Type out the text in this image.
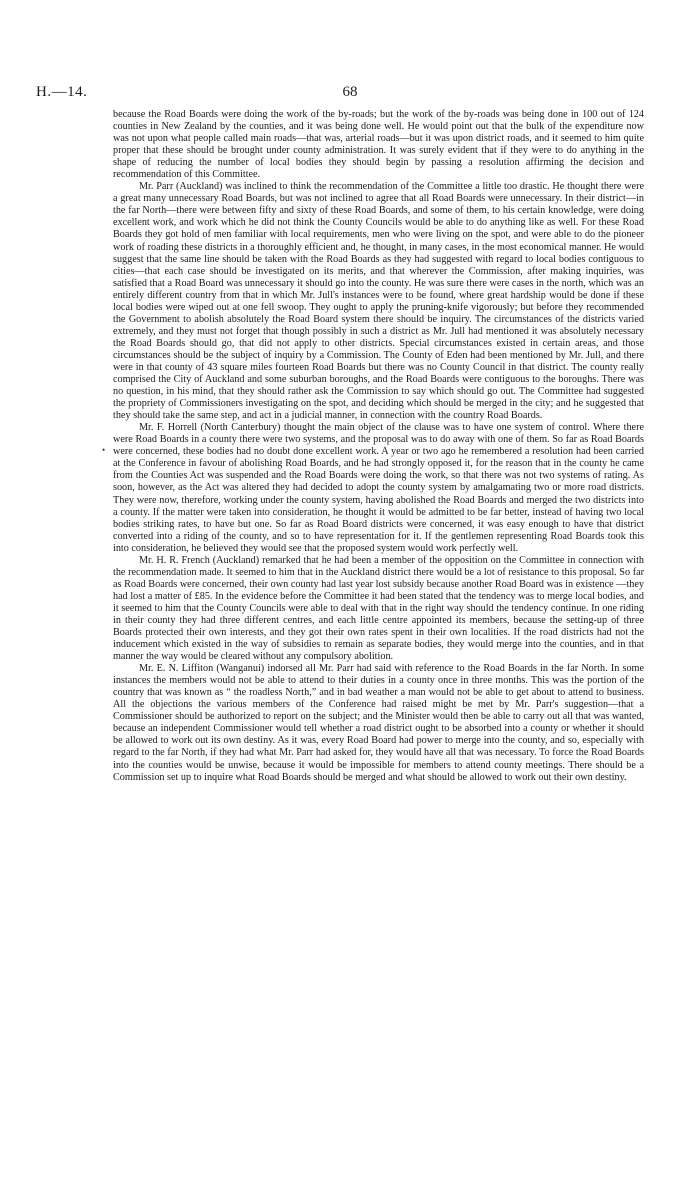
H.—14.	68
•

because the Road Boards were doing the work of the by-roads; but the work of the by-roads was being done in 100 out of 124 counties in New Zealand by the counties, and it was being done well. He would point out that the bulk of the expenditure now was not upon what people called main roads—that was, arterial roads—but it was upon district roads, and it seemed to him quite proper that these should be brought under county administration. It was surely evident that if they were to do anything in the shape of reducing the number of local bodies they should begin by passing a resolution affirming the decision and recommendation of this Committee.

Mr. Parr (Auckland) was inclined to think the recommendation of the Committee a little too drastic. He thought there were a great many unnecessary Road Boards, but was not inclined to agree that all Road Boards were unnecessary. In their district—in the far North—there were between fifty and sixty of these Road Boards, and some of them, to his certain knowledge, were doing excellent work, and work which he did not think the County Councils would be able to do anything like as well. For these Road Boards they got hold of men familiar with local requirements, men who were living on the spot, and were able to do the pioneer work of roading these districts in a thoroughly efficient and, he thought, in many cases, in the most economical manner. He would suggest that the same line should be taken with the Road Boards as they had suggested with regard to local bodies contiguous to cities—that each case should be investigated on its merits, and that wherever the Commission, after making inquiries, was satisfied that a Road Board was unnecessary it should go into the county. He was sure there were cases in the north, which was an entirely different country from that in which Mr. Jull's instances were to be found, where great hardship would be done if these local bodies were wiped out at one fell swoop. They ought to apply the pruning-knife vigorously; but before they recommended the Government to abolish absolutely the Road Board system there should be inquiry. The circumstances of the districts varied extremely, and they must not forget that though possibly in such a district as Mr. Jull had mentioned it was absolutely necessary the Road Boards should go, that did not apply to other districts. Special circumstances existed in certain areas, and those circumstances should be the subject of inquiry by a Commission. The County of Eden had been mentioned by Mr. Jull, and there were in that county of 43 square miles fourteen Road Boards but there was no County Council in that district. The county really comprised the City of Auckland and some suburban boroughs, and the Road Boards were contiguous to the boroughs. There was no question, in his mind, that they should rather ask the Commission to say which should go out. The Committee had suggested the propriety of Commissioners investigating on the spot, and deciding which should be merged in the city; and he suggested that they should take the same step, and act in a judicial manner, in connection with the country Road Boards.

Mr. F. Horrell (North Canterbury) thought the main object of the clause was to have one system of control. Where there were Road Boards in a county there were two systems, and the proposal was to do away with one of them. So far as Road Boards were concerned, these bodies had no doubt done excellent work. A year or two ago he remembered a resolution had been carried at the Conference in favour of abolishing Road Boards, and he had strongly opposed it, for the reason that in the county he came from the Counties Act was suspended and the Road Boards were doing the work, so that there was not two systems of rating. As soon, however, as the Act was altered they had decided to adopt the county system by amalgamating two or more road districts. They were now, therefore, working under the county system, having abolished the Road Boards and merged the two districts into a county. If the matter were taken into consideration, he thought it would be admitted to be far better, instead of having two local bodies striking rates, to have but one. So far as Road Board districts were concerned, it was easy enough to have that district converted into a riding of the county, and so to have representation for it. If the gentlemen representing Road Boards took this into consideration, he believed they would see that the proposed system would work perfectly well.

Mr. H. R. French (Auckland) remarked that he had been a member of the opposition on the Committee in connection with the recommendation made. It seemed to him that in the Auckland district there would be a lot of resistance to this proposal. So far as Road Boards were concerned, their own county had last year lost subsidy because another Road Board was in existence —they had lost a matter of £85. In the evidence before the Committee it had been stated that the tendency was to merge local bodies, and it seemed to him that the County Councils were able to deal with that in the right way should the tendency continue. In one riding in their county they had three different centres, and each little centre appointed its members, because the setting-up of three Boards protected their own interests, and they got their own rates spent in their own localities. If the road districts had not the inducement which existed in the way of subsidies to remain as separate bodies, they would merge into the counties, and in that manner the way would be cleared without any compulsory abolition.

Mr. E. N. Liffiton (Wanganui) indorsed all Mr. Parr had said with reference to the Road Boards in the far North. In some instances the members would not be able to attend to their duties in a county once in three months. This was the portion of the country that was known as “ the roadless North,” and in bad weather a man would not be able to get about to attend to business. All the objections the various members of the Conference had raised might be met by Mr. Parr's suggestion—that a Commissioner should be authorized to report on the subject; and the Minister would then be able to carry out all that was wanted, because an independent Commissioner would tell whether a road district ought to be absorbed into a county or whether it should be allowed to work out its own destiny. As it was, every Road Board had power to merge into the county, and so, especially with regard to the far North, if they had what Mr. Parr had asked for, they would have all that was necessary. To force the Road Boards into the counties would be unwise, because it would be impossible for members to attend county meetings. There should be a Commission set up to inquire what Road Boards should be merged and what should be allowed to work out their own destiny.
